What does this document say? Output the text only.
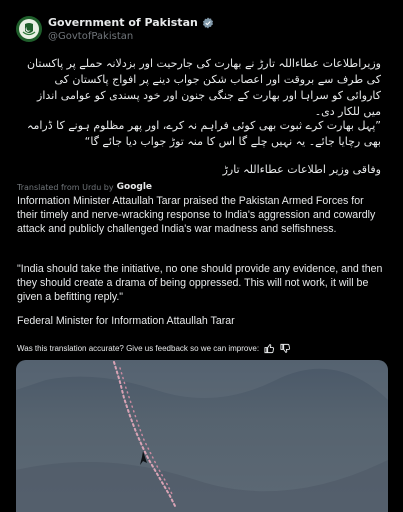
Government of Pakistan
@GovtofPakistan
وزیراطلاعات عطاءاللہ تارڑ نے بھارت کی جارحیت اور بزدلانہ حملے پر پاکستان کی طرف سے بروقت اور اعصاب شکن جواب دینے پر افواج پاکستان کی کاروائی کو سراہا اور بھارت کے جنگی جنون اور خود پسندی کو عوامی انداز میں للکار دی۔
”پہل بھارت کرے ثبوت بھی کوئی فراہم نہ کرے، اور پھر مظلوم ہونے کا ڈرامہ بھی رچایا جائے۔ یہ نہیں چلے گا اس کا منہ توڑ جواب دیا جائے گا“
وفاقی وزیر اطلاعات عطاءاللہ تارڑ
Translated from Urdu by Google
Information Minister Attaullah Tarar praised the Pakistan Armed Forces for their timely and nerve-wracking response to India's aggression and cowardly attack and publicly challenged India's war madness and selfishness.
"India should take the initiative, no one should provide any evidence, and then they should create a drama of being oppressed. This will not work, it will be given a befitting reply."
Federal Minister for Information Attaullah Tarar
Was this translation accurate? Give us feedback so we can improve:
